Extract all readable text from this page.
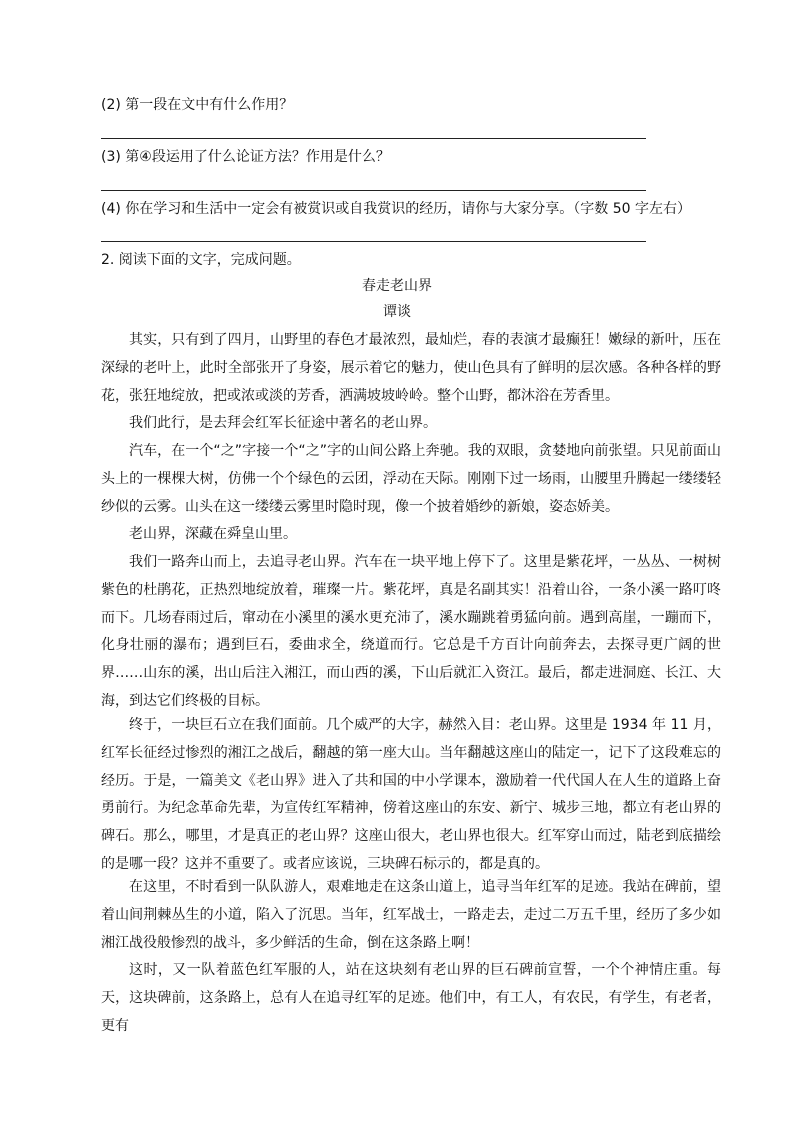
(2) 第一段在文中有什么作用？
(3) 第④段运用了什么论证方法？作用是什么？
(4) 你在学习和生活中一定会有被赏识或自我赏识的经历，请你与大家分享。（字数 50 字左右）
2. 阅读下面的文字，完成问题。
春走老山界
谭谈

其实，只有到了四月，山野里的春色才最浓烈，最灿烂，春的表演才最癫狂！嫩绿的新叶，压在深绿的老叶上，此时全部张开了身姿，展示着它的魅力，使山色具有了鲜明的层次感。各种各样的野花，张狂地绽放，把或浓或淡的芳香，洒满坡坡岭岭。整个山野，都沐浴在芳香里。

我们此行，是去拜会红军长征途中著名的老山界。

汽车，在一个“之”字接一个“之”字的山间公路上奔驰。我的双眼，贪婪地向前张望。只见前面山头上的一棵棵大树，仿佛一个个绿色的云团，浮动在天际。刚刚下过一场雨，山腰里升腾起一缕缕轻纱似的云雾。山头在这一缕缕云雾里时隐时现，像一个披着婚纱的新娘，姿态娇美。

老山界，深藏在舜皇山里。

我们一路奔山而上，去追寻老山界。汽车在一块平地上停下了。这里是紫花坪，一丛丛、一树树紫色的杜鹃花，正热烈地绽放着，璀璨一片。紫花坪，真是名副其实！沿着山谷，一条小溪一路叮咚而下。几场春雨过后，窜动在小溪里的溪水更充沛了，溪水蹦跳着勇猛向前。遇到高崖，一蹦而下，化身壮丽的瀑布；遇到巨石，委曲求全，绕道而行。它总是千方百计向前奔去，去探寻更广阔的世界……山东的溪，出山后注入湘江，而山西的溪，下山后就汇入资江。最后，都走进洞庭、长江、大海，到达它们终极的目标。

终于，一块巨石立在我们面前。几个威严的大字，赫然入目：老山界。这里是 1934 年 11 月，红军长征经过惨烈的湘江之战后，翻越的第一座大山。当年翻越这座山的陆定一，记下了这段难忘的经历。于是，一篇美文《老山界》进入了共和国的中小学课本，激励着一代代国人在人生的道路上奋勇前行。为纪念革命先辈，为宣传红军精神，傍着这座山的东安、新宁、城步三地，都立有老山界的碑石。那么，哪里，才是真正的老山界？这座山很大，老山界也很大。红军穿山而过，陆老到底描绘的是哪一段？这并不重要了。或者应该说，三块碑石标示的，都是真的。

在这里，不时看到一队队游人，艰难地走在这条山道上，追寻当年红军的足迹。我站在碑前，望着山间荆棘丛生的小道，陷入了沉思。当年，红军战士，一路走去，走过二万五千里，经历了多少如湘江战役般惨烈的战斗，多少鲜活的生命，倒在这条路上啊！

这时，又一队着蓝色红军服的人，站在这块刻有老山界的巨石碑前宣誓，一个个神情庄重。每天，这块碑前，这条路上，总有人在追寻红军的足迹。他们中，有工人，有农民，有学生，有老者，更有
